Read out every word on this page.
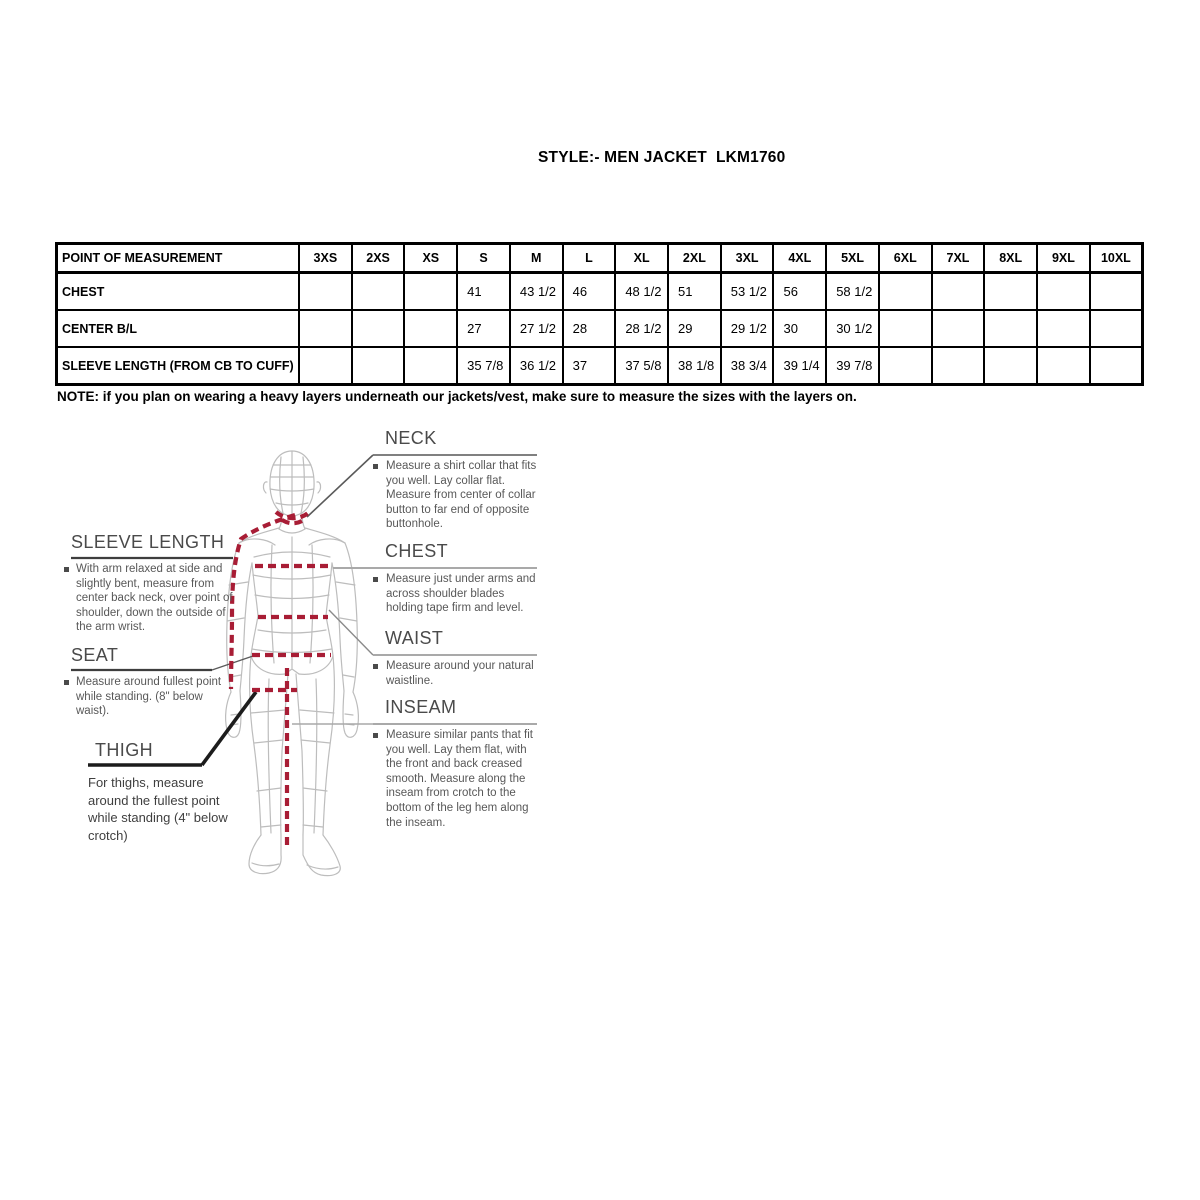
STYLE:- MEN JACKET  LKM1760
POINT OF MEASUREMENT	3XS	2XS	XS	S	M	L	XL	2XL	3XL	4XL	5XL	6XL	7XL	8XL	9XL	10XL
CHEST				41	43 1/2	46	48 1/2	51	53 1/2	56	58 1/2					
CENTER B/L				27	27 1/2	28	28 1/2	29	29 1/2	30	30 1/2					
SLEEVE LENGTH (FROM CB TO CUFF)				35 7/8	36 1/2	37	37 5/8	38 1/8	38 3/4	39 1/4	39 7/8					
NOTE: if you plan on wearing a heavy layers underneath our jackets/vest, make sure to measure the sizes with the layers on.
NECK
Measure a shirt collar that fits you well. Lay collar flat. Measure from center of collar button to far end of opposite buttonhole.
CHEST
Measure just under arms and across shoulder blades holding tape firm and level.
WAIST
Measure around your natural waistline.
INSEAM
Measure similar pants that fit you well. Lay them flat, with the front and back creased smooth. Measure along the inseam from crotch to the bottom of the leg hem along the inseam.
SLEEVE LENGTH
With arm relaxed at side and slightly bent, measure from center back neck, over point of shoulder, down the outside of the arm wrist.
SEAT
Measure around fullest point while standing. (8" below waist).
THIGH
For thighs, measure around the fullest point while standing (4" below crotch)
